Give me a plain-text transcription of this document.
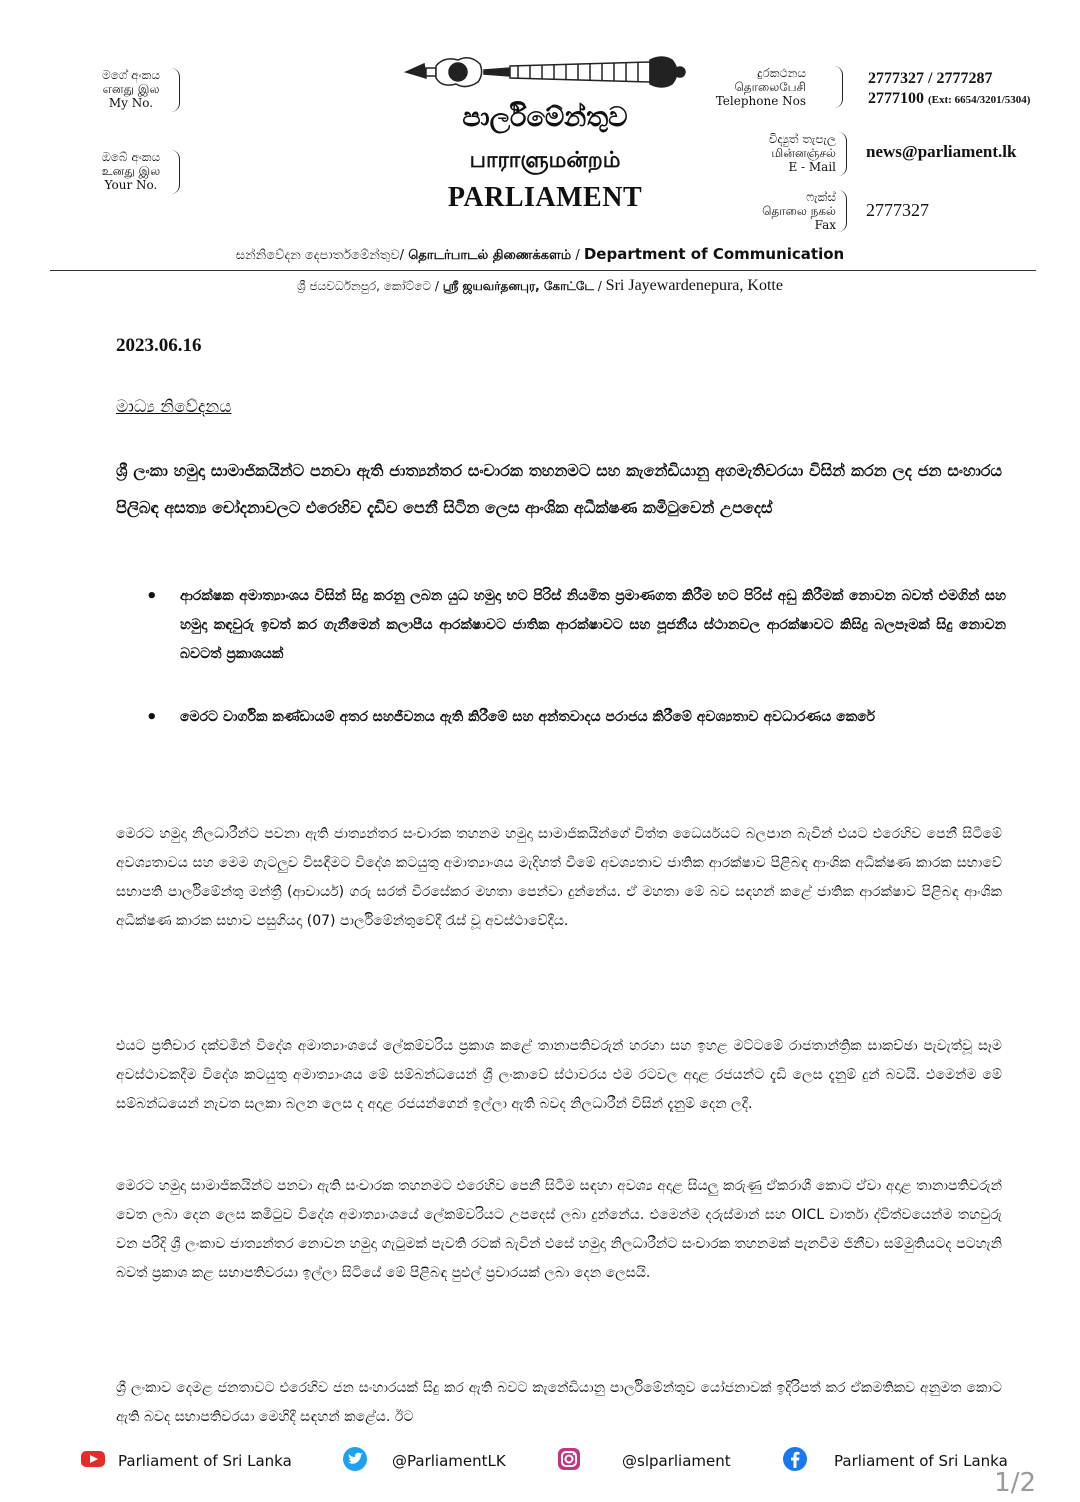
මගේ අංකය
எனது இல
My No.
ඔබේ අංකය
உனது இல
Your No.
පාර්ලිමේන්තුව
பாராளுமன்றம்
PARLIAMENT
දුරකථනය
தொலைபேசி
Telephone Nos
2777327 / 2777287
2777100 (Ext: 6654/3201/5304)
විද්‍යුත් තැපැල
மின்னஞ்சல்
E - Mail
news@parliament.lk
ෆැක්ස්
தொலை நகல்
Fax
2777327
සන්නිවේදන දෙපාර්තමේන්තුව/ தொடர்பாடல் திணைக்களம் / Department of Communication
ශ්‍රී ජයවර්ධනපුර, කෝට්ටෙ / ஸ்ரீ ஜயவர்தனபுர, கோட்டே / Sri Jayewardenepura, Kotte
2023.06.16
මාධ්‍ය නිවේදනය
ශ්‍රී ලංකා හමුදා සාමාජිකයින්ට පනවා ඇති ජාත්‍යන්තර සංචාරක තහනමට සහ කැනේඩියානු අගමැතිවරයා විසින් කරන ලද ජන සංහාරය පිලිබඳ අසත්‍ය චෝදනාවලට එරෙහිව දැඩිව පෙනී සිටින ලෙස ආංශික අධීක්ෂණ කමිටුවෙන් උපදෙස්
• ආරක්ෂක අමාත්‍යාංශය විසින් සිදු කරනු ලබන යුධ හමුදා භට පිරිස් නියමිත ප්‍රමාණගත කිරීම භට පිරිස් අඩු කිරීමක් නොවන බවත් එමගින් සහ හමුදා කඳවුරු ඉවත් කර ගැනීමෙන් කලාපීය ආරක්ෂාවට ජාතික ආරක්ෂාවට සහ පූජනීය ස්ථානවල ආරක්ෂාවට කිසිදු බලපෑමක් සිදු නොවන බවටත් ප්‍රකාශයක්
• මෙරට වාර්ගික කණ්ඩායම් අතර සහජීවනය ඇති කිරීමේ සහ අන්තවාදය පරාජය කිරීමේ අවශ්‍යතාව අවධාරණය කෙරේ
මෙරට හමුදා නිලධාරීන්ට පවනා ඇති ජාත්‍යන්තර සංචාරක තහනම හමුදා සාමාජිකයින්ගේ චිත්ත ධෛර්යයට බලපාන බැවින් එයට එරෙහිව පෙනී සිටීමේ අවශ්‍යතාවය සහ මෙම ගැටලුව විසඳීමට විදේශ කටයුතු අමාත්‍යාංශය මැදිහත් වීමේ අවශ්‍යතාව ජාතික ආරක්ෂාව පිළිබඳ ආංශික අධීක්ෂණ කාරක සභාවේ සභාපති පාර්ලිමේන්තු මන්ත්‍රී (ආචාර්ය) ගරු සරත් වීරසේකර මහතා පෙන්වා දුන්නේය. ඒ මහතා මේ බව සඳහන් කළේ ජාතික ආරක්ෂාව පිළිබඳ ආංශික අධීක්ෂණ කාරක සභාව පසුගියදා (07) පාර්ලිමේන්තුවේදී රැස් වූ අවස්ථාවේදීය.
එයට ප්‍රතිචාර දක්වමින් විදේශ අමාත්‍යාංශයේ ලේකම්වරිය ප්‍රකාශ කළේ තානාපතිවරුන් හරහා සහ ඉහළ මට්ටමේ රාජතාන්ත්‍රික සාකච්ඡා පැවැත්වූ සෑම අවස්ථාවකදීම විදේශ කටයුතු අමාත්‍යාංශය මේ සම්බන්ධයෙන් ශ්‍රී ලංකාවේ ස්ථාවරය එම රටවල අදාළ රජයන්ට දැඩි ලෙස දැනුම් දුන් බවයි. එමෙන්ම මේ සම්බන්ධයෙන් නැවත සලකා බලන ලෙස ද අදාළ රජයන්ගෙන් ඉල්ලා ඇති බවද නිලධාරීන් විසින් දැනුම් දෙන ලදී.
මෙරට හමුදා සාමාජිකයින්ට පනවා ඇති සංචාරක තහනමට එරෙහිව පෙනී සිටීම සඳහා අවශ්‍ය අදාළ සියලු කරුණු ඒකරාශී කොට ඒවා අදාළ තානාපතිවරුන් වෙත ලබා දෙන ලෙස කමිටුව විදේශ අමාත්‍යාංශයේ ලේකම්වරියට උපදෙස් ලබා දුන්නේය. එමෙන්ම දරුස්මාන් සහ OICL වාර්තා ද්විත්වයෙන්ම තහවුරු වන පරිදි ශ්‍රී ලංකාව ජාත්‍යන්තර නොවන හමුදා ගැටුමක් පැවති රටක් බැවින් එසේ හමුදා නිලධාරීන්ට සංචාරක තහනමක් පැනවීම ජිනීවා සම්මුතියටද පටහැනි බවත් ප්‍රකාශ කළ සභාපතිවරයා ඉල්ලා සිටියේ මේ පිළිබඳ පුළුල් ප්‍රචාරයක් ලබා දෙන ලෙසයි.
ශ්‍රී ලංකාව දෙමළ ජනතාවට එරෙහිව ජන සංහාරයක් සිදු කර ඇති බවට කැනේඩියානු පාර්ලිමේන්තුව යෝජනාවක් ඉදිරිපත් කර ඒකමතිකව අනුමත කොට ඇති බවද සභාපතිවරයා මෙහිදී සඳහන් කළේය. ඊට
Parliament of Sri Lanka	@ParliamentLK	@slparliament	Parliament of Sri Lanka
1/2
